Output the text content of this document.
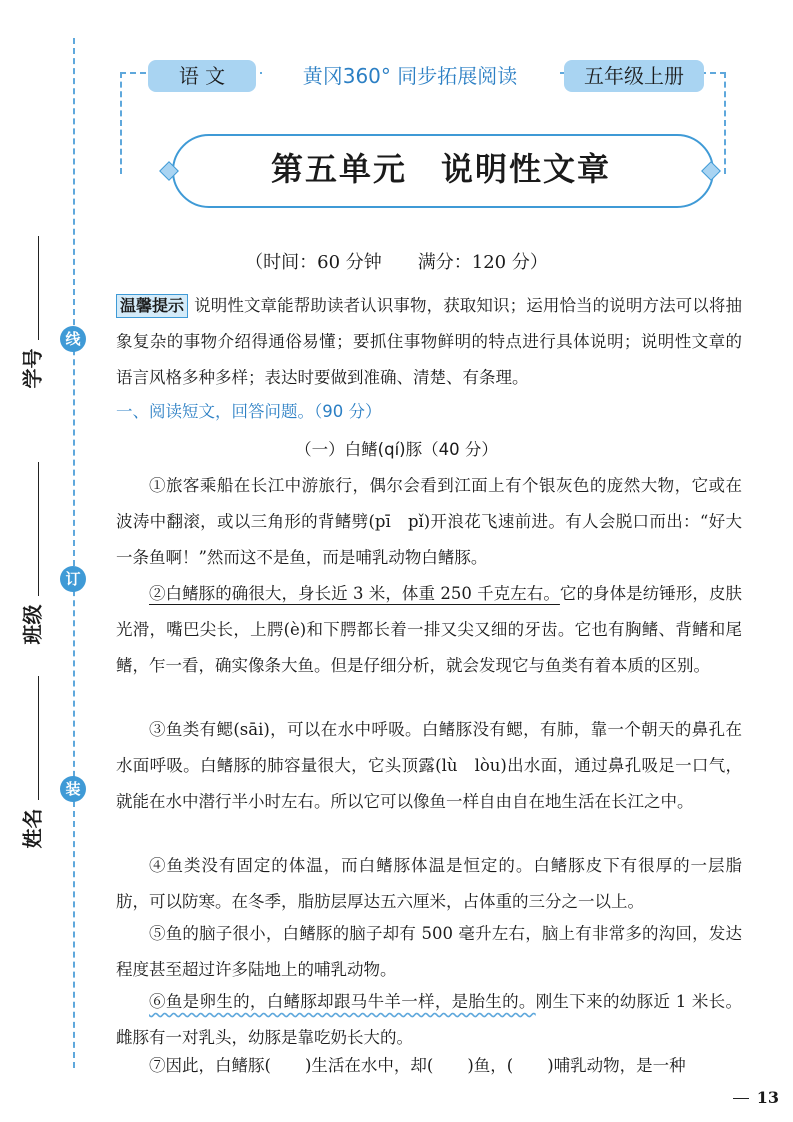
线
订
装
学号
班级
姓名
语 文	黄冈360° 同步拓展阅读	五年级上册
第五单元　说明性文章
（时间：60 分钟　　满分：120 分）
温馨提示 说明性文章能帮助读者认识事物，获取知识；运用恰当的说明方法可以将抽象复杂的事物介绍得通俗易懂；要抓住事物鲜明的特点进行具体说明；说明性文章的语言风格多种多样；表达时要做到准确、清楚、有条理。
一、阅读短文，回答问题。（90 分）
（一）白鳍(qí)豚（40 分）
①旅客乘船在长江中游旅行，偶尔会看到江面上有个银灰色的庞然大物，它或在波涛中翻滚，或以三角形的背鳍劈(pī　pǐ)开浪花飞速前进。有人会脱口而出：“好大一条鱼啊！”然而这不是鱼，而是哺乳动物白鳍豚。
②白鳍豚的确很大，身长近 3 米，体重 250 千克左右。它的身体是纺锤形，皮肤光滑，嘴巴尖长，上腭(è)和下腭都长着一排又尖又细的牙齿。它也有胸鳍、背鳍和尾鳍，乍一看，确实像条大鱼。但是仔细分析，就会发现它与鱼类有着本质的区别。
③鱼类有鳃(sāi)，可以在水中呼吸。白鳍豚没有鳃，有肺，靠一个朝天的鼻孔在水面呼吸。白鳍豚的肺容量很大，它头顶露(lù　lòu)出水面，通过鼻孔吸足一口气，就能在水中潜行半小时左右。所以它可以像鱼一样自由自在地生活在长江之中。
④鱼类没有固定的体温，而白鳍豚体温是恒定的。白鳍豚皮下有很厚的一层脂肪，可以防寒。在冬季，脂肪层厚达五六厘米，占体重的三分之一以上。
⑤鱼的脑子很小，白鳍豚的脑子却有 500 毫升左右，脑上有非常多的沟回，发达程度甚至超过许多陆地上的哺乳动物。
⑥鱼是卵生的，白鳍豚却跟马牛羊一样，是胎生的。刚生下来的幼豚近 1 米长。雌豚有一对乳头，幼豚是靠吃奶长大的。
⑦因此，白鳍豚( )生活在水中，却( )鱼，( )哺乳动物，是一种
13
